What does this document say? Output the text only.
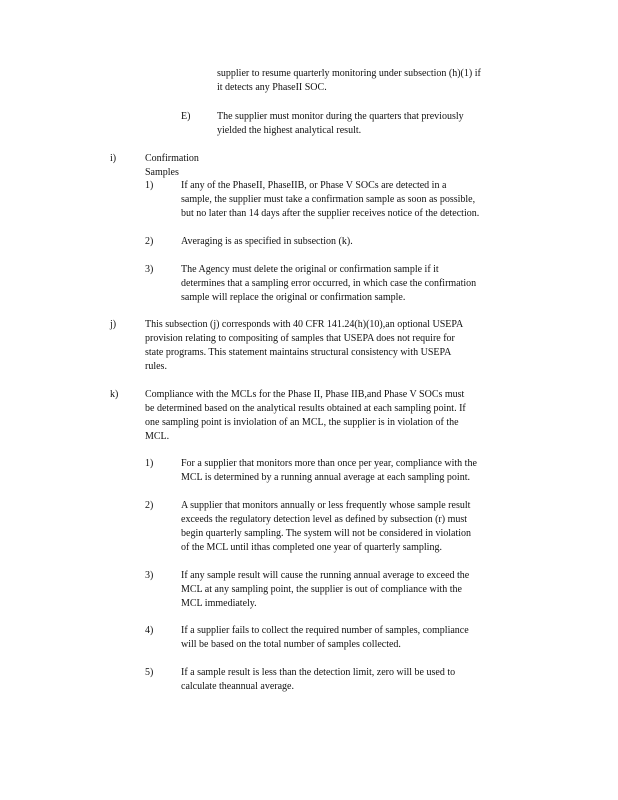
supplier to resume quarterly monitoring under subsection (h)(1) if
it detects any PhaseII SOC.
E)	The supplier must monitor during the quarters that previously
yielded the highest analytical result.
i)	Confirmation Samples
1)	If any of the PhaseII, PhaseIIB, or Phase V SOCs are detected in a
sample, the supplier must take a confirmation sample as soon as possible,
but no later than 14 days after the supplier receives notice of the detection.
2)	Averaging is as specified in subsection (k).
3)	The Agency must delete the original or confirmation sample if it
determines that a sampling error occurred, in which case the confirmation
sample will replace the original or confirmation sample.
j)	This subsection (j) corresponds with 40 CFR 141.24(h)(10),an optional USEPA
provision relating to compositing of samples that USEPA does not require for
state programs. This statement maintains structural consistency with USEPA
rules.
k)	Compliance with the MCLs for the Phase II, Phase IIB,and Phase V SOCs must
be determined based on the analytical results obtained at each sampling point. If
one sampling point is inviolation of an MCL, the supplier is in violation of the
MCL.
1)	For a supplier that monitors more than once per year, compliance with the
MCL is determined by a running annual average at each sampling point.
2)	A supplier that monitors annually or less frequently whose sample result
exceeds the regulatory detection level as defined by subsection (r) must
begin quarterly sampling. The system will not be considered in violation
of the MCL until ithas completed one year of quarterly sampling.
3)	If any sample result will cause the running annual average to exceed the
MCL at any sampling point, the supplier is out of compliance with the
MCL immediately.
4)	If a supplier fails to collect the required number of samples, compliance
will be based on the total number of samples collected.
5)	If a sample result is less than the detection limit, zero will be used to
calculate theannual average.
